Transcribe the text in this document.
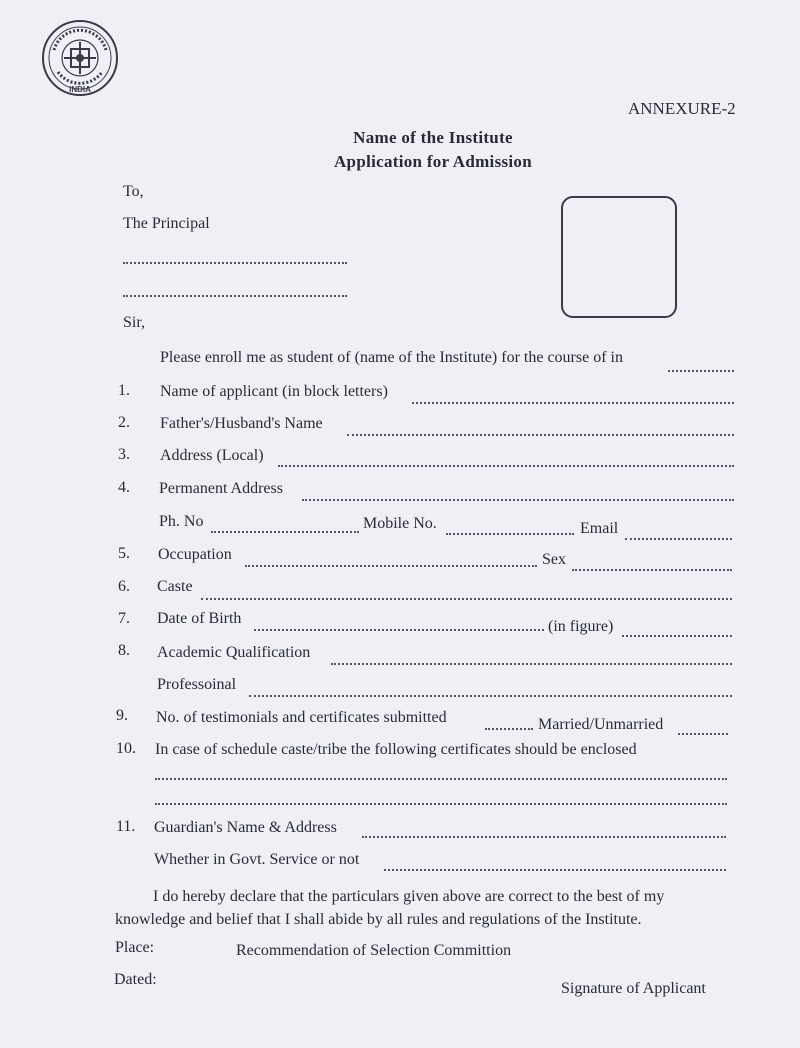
INDIA
ANNEXURE-2
Name of the Institute
Application for Admission
To,
The Principal
Sir,
Please enroll me as student of (name of the Institute) for the course of in
1. Name of applicant (in block letters)
2. Father's/Husband's Name
3. Address (Local)
4. Permanent Address
Ph. No	Mobile No.	Email
5. Occupation	Sex
6. Caste
7. Date of Birth	(in figure)
8. Academic Qualification
Professoinal
9. No. of testimonials and certificates submitted	Married/Unmarried
10. In case of schedule caste/tribe the following certificates should be enclosed
11. Guardian's Name & Address
Whether in Govt. Service or not
I do hereby declare that the particulars given above are correct to the best of my
knowledge and belief that I shall abide by all rules and regulations of the Institute.
Place:	Recommendation of Selection Committion
Dated:
Signature of Applicant
